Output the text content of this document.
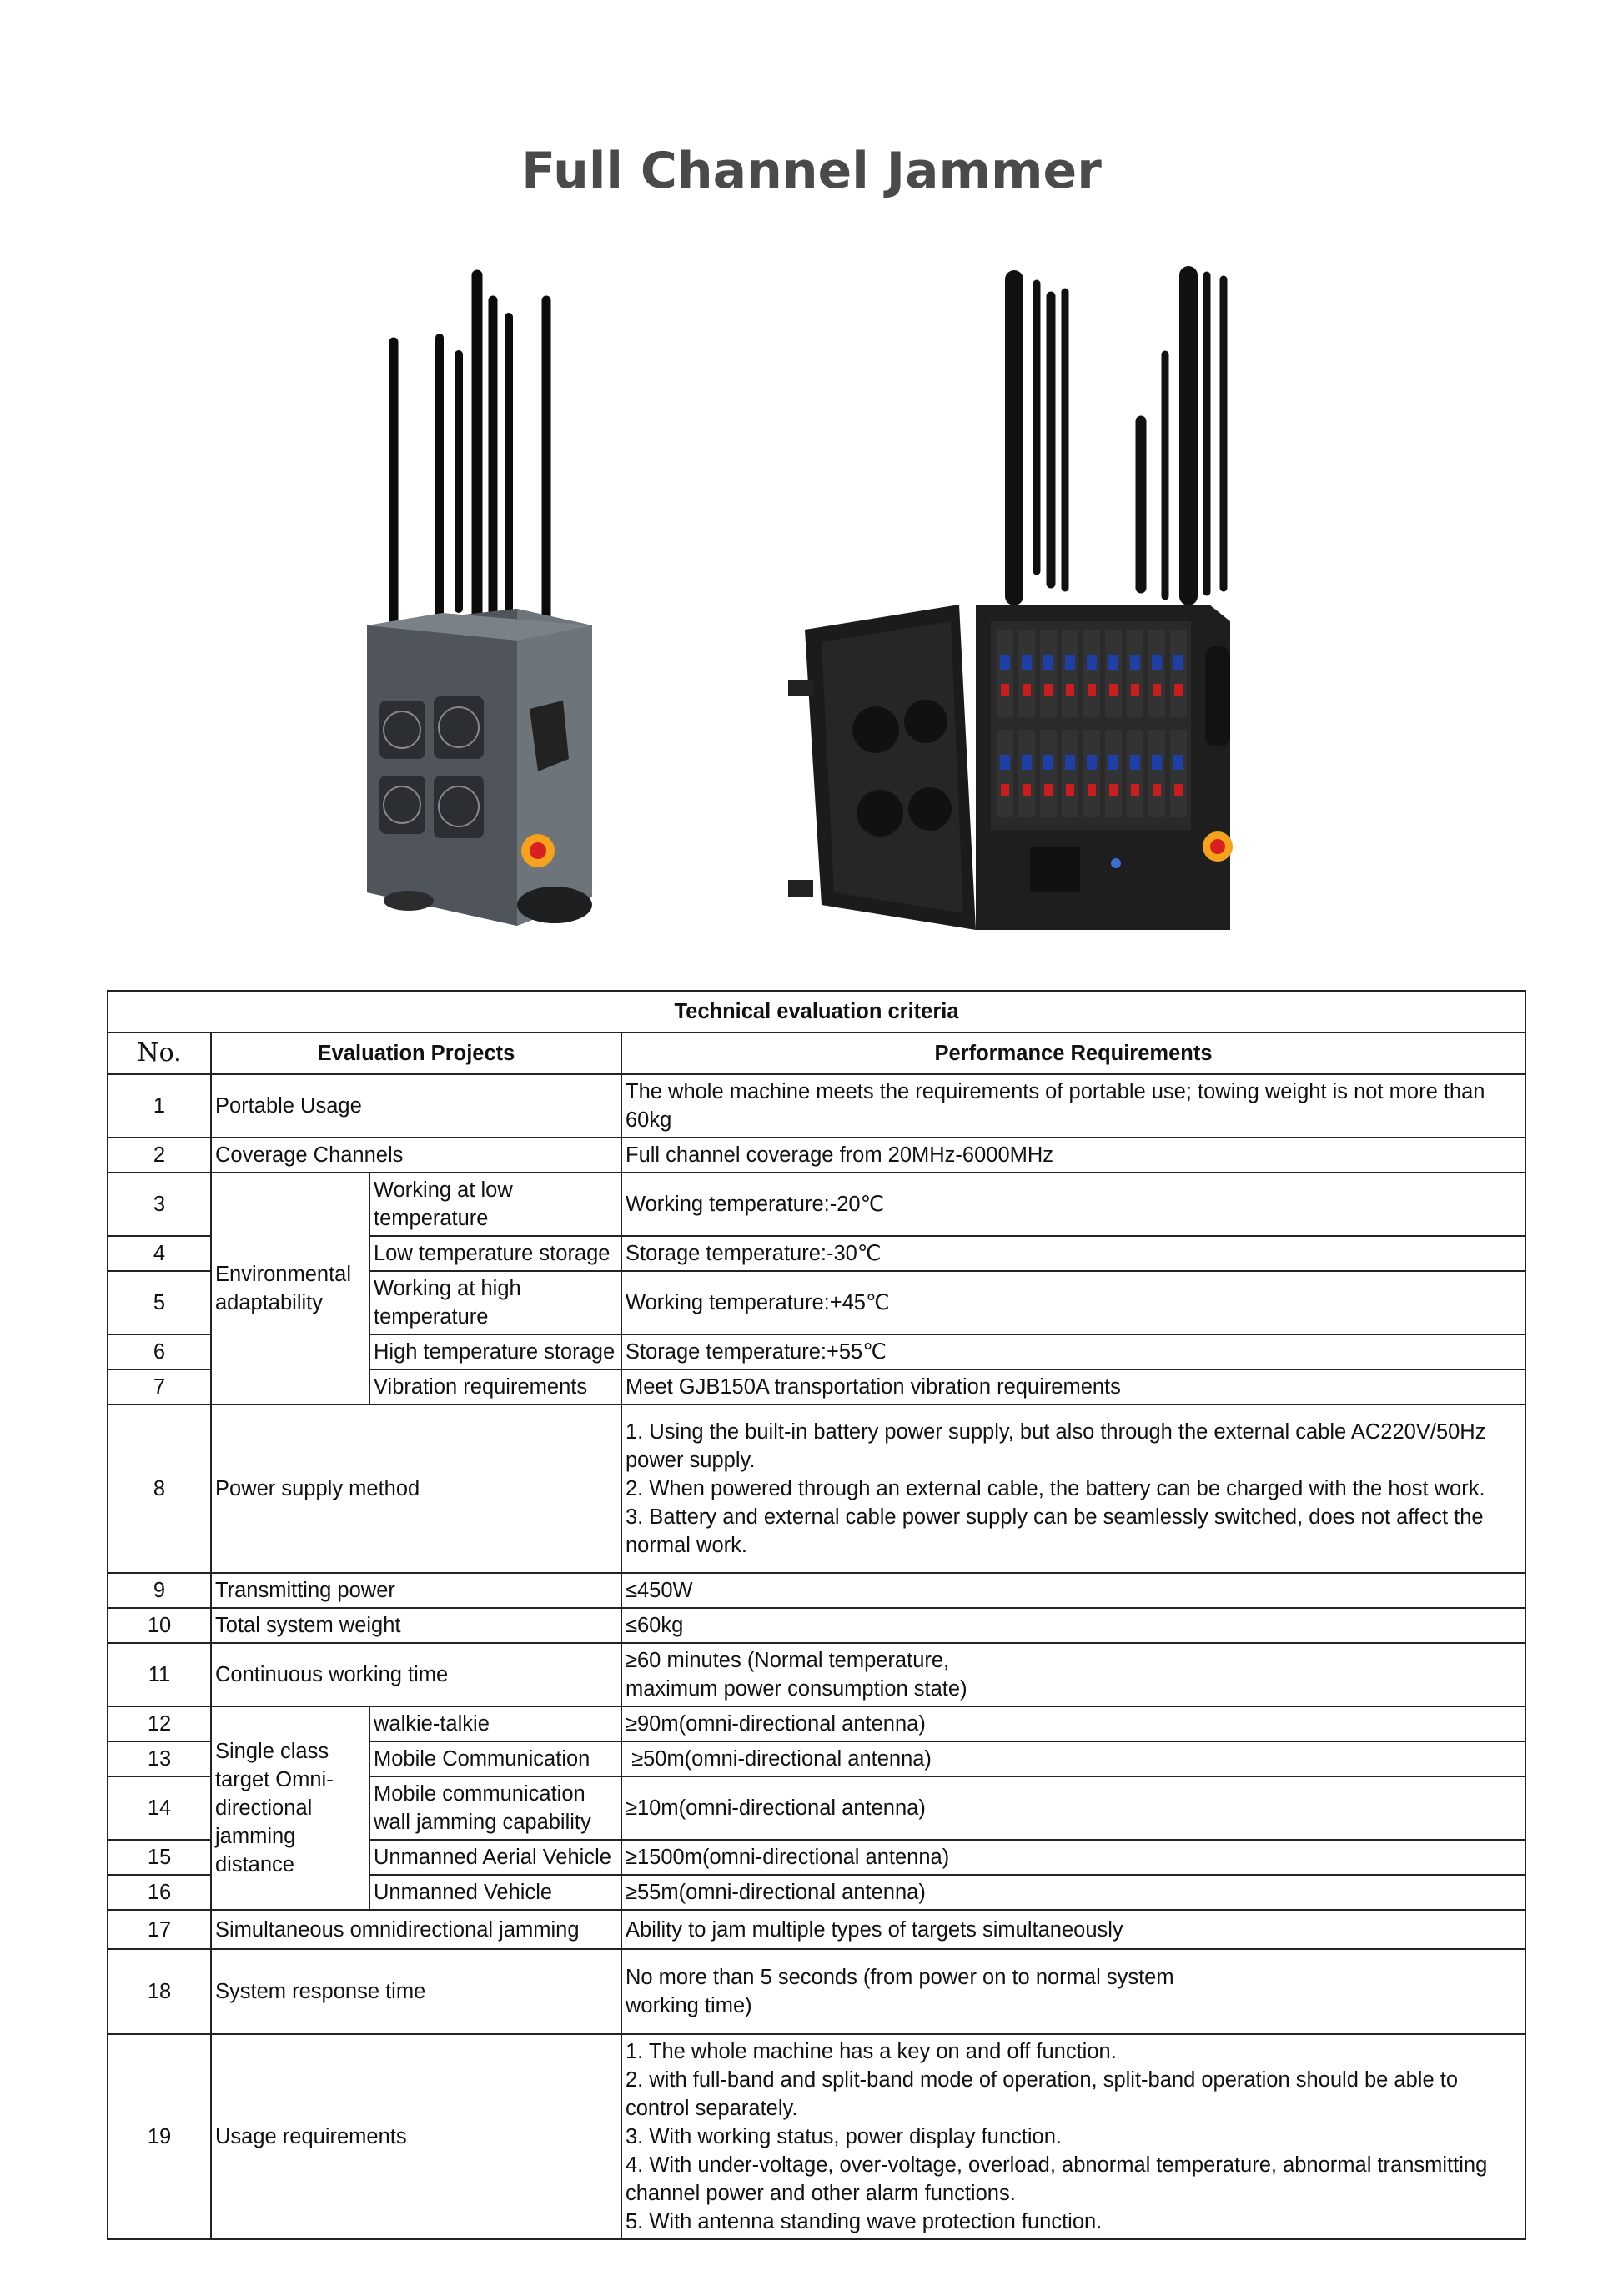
Full Channel Jammer
Technical evaluation criteria			
No.	Evaluation Projects		Performance Requirements
1	Portable Usage		The whole machine meets the requirements of portable use; towing weight is not more than 60kg
2	Coverage Channels		Full channel coverage from 20MHz-6000MHz
3	Environmental adaptability	Working at low temperature	Working temperature:-20℃
4		Low temperature storage	Storage temperature:-30℃
5		Working at high temperature	Working temperature:+45℃
6		High temperature storage	Storage temperature:+55℃
7		Vibration requirements	Meet GJB150A transportation vibration requirements
8	Power supply method		1. Using the built-in battery power supply, but also through the external cable AC220V/50Hz power supply.
2. When powered through an external cable, the battery can be charged with the host work.
3. Battery and external cable power supply can be seamlessly switched, does not affect the normal work.

9	Transmitting power		≤450W
10	Total system weight		≤60kg
11	Continuous working time		≥60 minutes (Normal temperature,
maximum power consumption state)

12	Single class target Omni-directional jamming distance	walkie-talkie	≥90m(omni-directional antenna)
13		Mobile Communication	≥50m(omni-directional antenna)
14		Mobile communication wall jamming capability	≥10m(omni-directional antenna)
15		Unmanned Aerial Vehicle	≥1500m(omni-directional antenna)
16		Unmanned Vehicle	≥55m(omni-directional antenna)
17	Simultaneous omnidirectional jamming		Ability to jam multiple types of targets simultaneously
18	System response time		No more than 5 seconds (from power on to normal system
working time)

19	Usage requirements		1. The whole machine has a key on and off function.
2. with full-band and split-band mode of operation, split-band operation should be able to control separately.
3. With working status, power display function.
4. With under-voltage, over-voltage, overload, abnormal temperature, abnormal transmitting channel power and other alarm functions.
5. With antenna standing wave protection function.
